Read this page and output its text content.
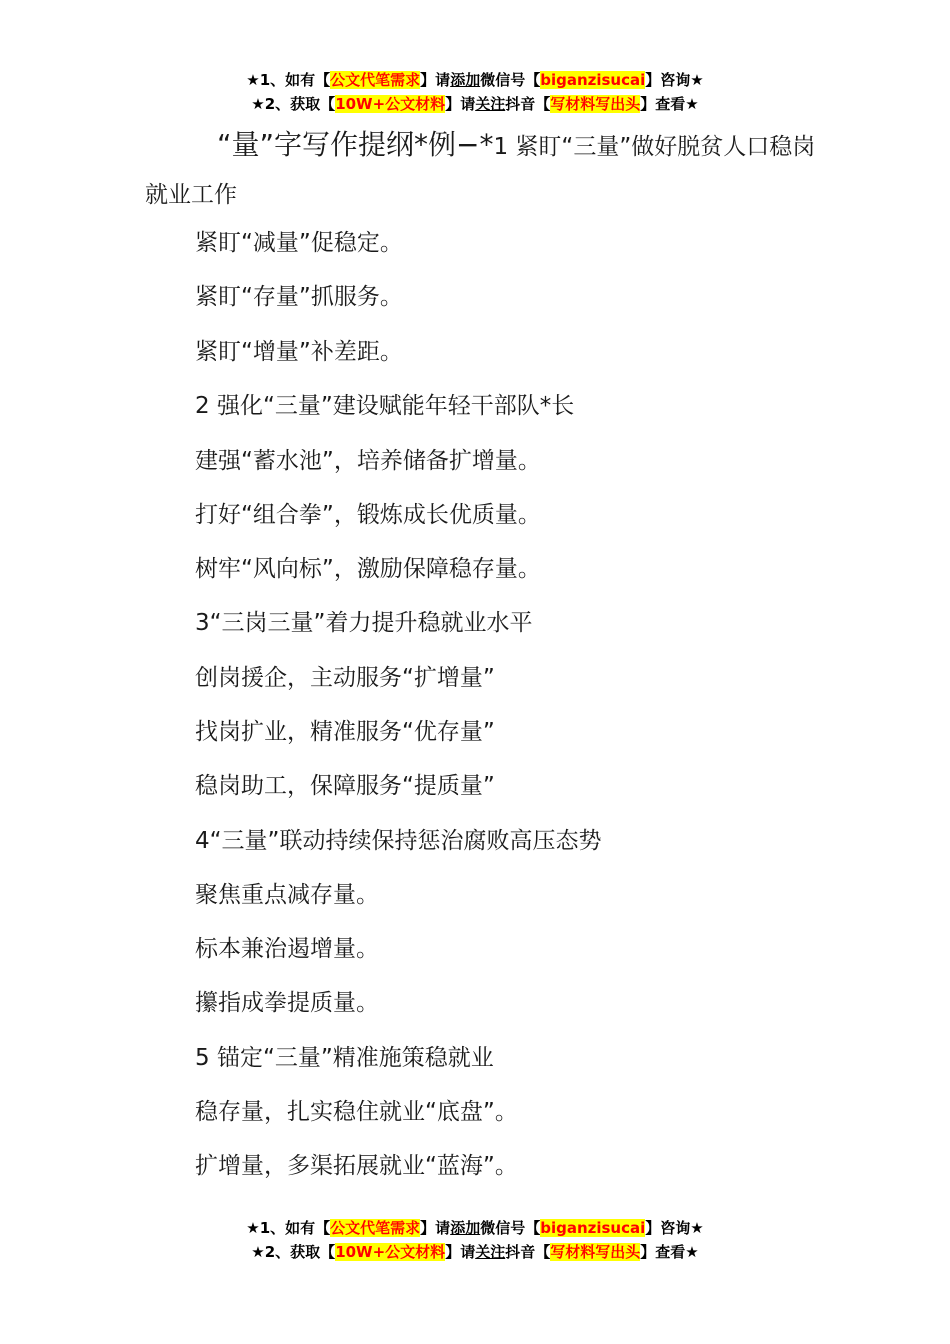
★1、如有【公文代笔需求】请添加微信号【biganzisucai】咨询★
★2、获取【10W+公文材料】请关注抖音【写材料写出头】查看★
“量”字写作提纲*例−*1 紧盯“三量”做好脱贫人口稳岗就业工作
紧盯“减量”促稳定。
紧盯“存量”抓服务。
紧盯“增量”补差距。
2 强化“三量”建设赋能年轻干部队*长
建强“蓄水池”，培养储备扩增量。
打好“组合拳”，锻炼成长优质量。
树牢“风向标”，激励保障稳存量。
3“三岗三量”着力提升稳就业水平
创岗援企，主动服务“扩增量”
找岗扩业，精准服务“优存量”
稳岗助工，保障服务“提质量”
4“三量”联动持续保持惩治腐败高压态势
聚焦重点减存量。
标本兼治遏增量。
攥指成拳提质量。
5 锚定“三量”精准施策稳就业
稳存量，扎实稳住就业“底盘”。
扩增量，多渠拓展就业“蓝海”。
★1、如有【公文代笔需求】请添加微信号【biganzisucai】咨询★
★2、获取【10W+公文材料】请关注抖音【写材料写出头】查看★
